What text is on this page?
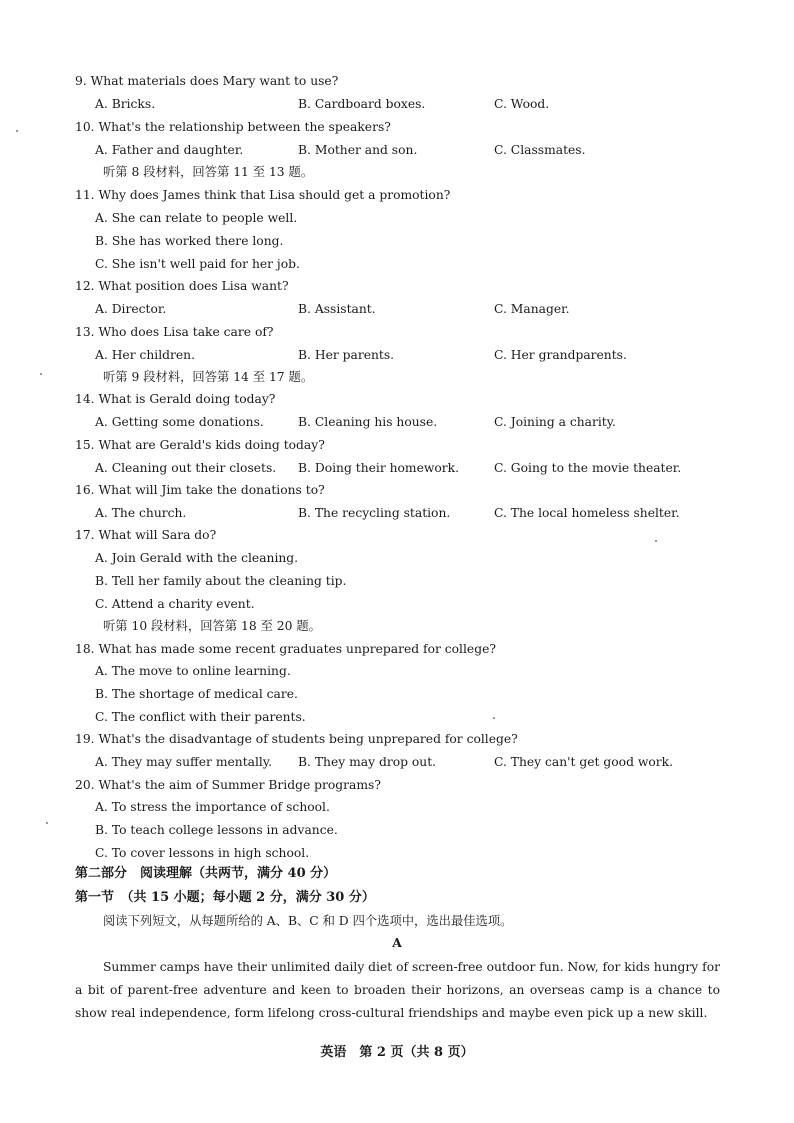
9. What materials does Mary want to use?
A. Bricks.	B. Cardboard boxes.	C. Wood.
10. What's the relationship between the speakers?
A. Father and daughter.	B. Mother and son.	C. Classmates.
听第 8 段材料，回答第 11 至 13 题。
11. Why does James think that Lisa should get a promotion?
A. She can relate to people well.
B. She has worked there long.
C. She isn't well paid for her job.
12. What position does Lisa want?
A. Director.	B. Assistant.	C. Manager.
13. Who does Lisa take care of?
A. Her children.	B. Her parents.	C. Her grandparents.
听第 9 段材料，回答第 14 至 17 题。
14. What is Gerald doing today?
A. Getting some donations.	B. Cleaning his house.	C. Joining a charity.
15. What are Gerald's kids doing today?
A. Cleaning out their closets. B. Doing their homework.	C. Going to the movie theater.
16. What will Jim take the donations to?
A. The church.	B. The recycling station.	C. The local homeless shelter.
17. What will Sara do?
A. Join Gerald with the cleaning.
B. Tell her family about the cleaning tip.
C. Attend a charity event.
听第 10 段材料，回答第 18 至 20 题。
18. What has made some recent graduates unprepared for college?
A. The move to online learning.
B. The shortage of medical care.
C. The conflict with their parents.
19. What's the disadvantage of students being unprepared for college?
A. They may suffer mentally. B. They may drop out.	C. They can't get good work.
20. What's the aim of Summer Bridge programs?
A. To stress the importance of school.
B. To teach college lessons in advance.
C. To cover lessons in high school.
第二部分　阅读理解（共两节，满分 40 分）
第一节　（共 15 小题；每小题 2 分，满分 30 分）
阅读下列短文，从每题所给的 A、B、C 和 D 四个选项中，选出最佳选项。
A
Summer camps have their unlimited daily diet of screen-free outdoor fun. Now, for kids hungry for a bit of parent-free adventure and keen to broaden their horizons, an overseas camp is a chance to show real independence, form lifelong cross-cultural friendships and maybe even pick up a new skill.
英语　第 2 页（共 8 页）
